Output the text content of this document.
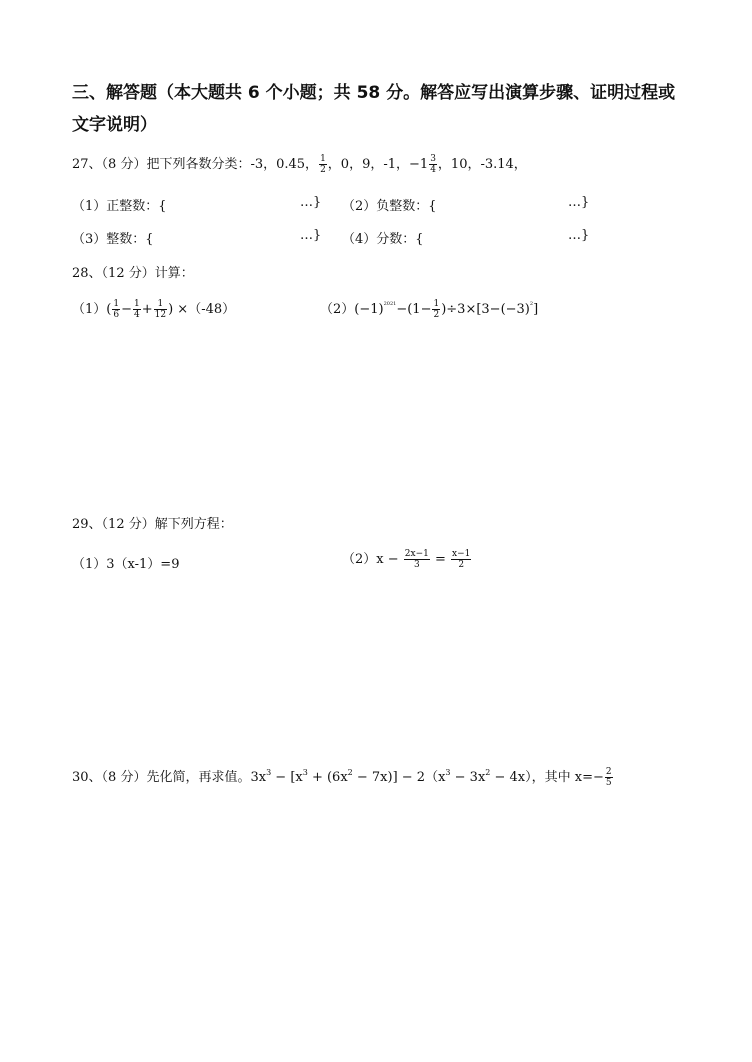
三、解答题（本大题共 6 个小题；共 58 分。解答应写出演算步骤、证明过程或
文字说明）
27、（8 分）把下列各数分类：-3，0.45， $\frac{1}{2}$ ，0，9，-1，$-1 \frac{3}{4}$ ，10，-3.14，
（1）正整数：{	…} （2）负整数：{	…}
（3）整数：{	…} （4）分数：{	…}
28、（12 分）计算：
$(1)( \frac{1}{6} - \frac{1}{4} + \frac{1}{12}$ ) ×（-48）	$(2)(-1)^{2021}-(1- \frac{1}{2} )\div 3\times[3-(-3)^2]$
29、（12 分）解下列方程：
（1）3（x-1）=9	$(2)x - \frac{2x-1}{3} = \frac{x-1}{2}$
30、（8 分）先化简，再求值。$3x^3 - [x^3 + (6x^2 - 7x)] - 2(x^3 - 3x^2 - 4x)$，其中 $x=- \frac{2}{5}$
